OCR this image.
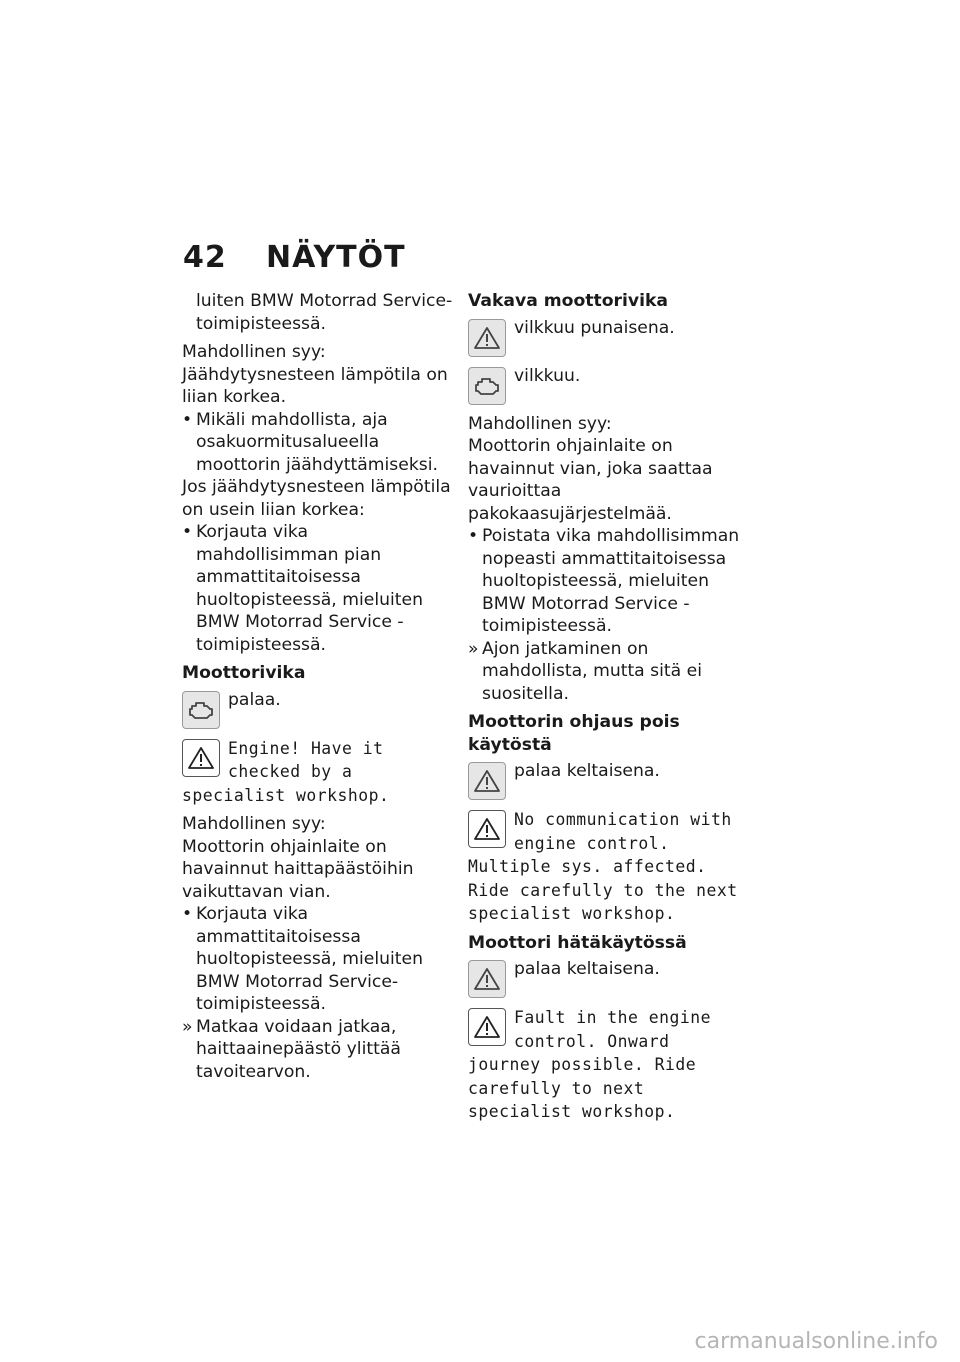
42 NÄYTÖT

luiten BMW Motorrad Service-toimipisteessä.

Mahdollinen syy:

Jäähdytysnesteen lämpötila on liian korkea.

• Mikäli mahdollista, aja osakuormitusalueella moottorin jäähdyttämiseksi.

Jos jäähdytysnesteen lämpötila on usein liian korkea:

• Korjauta vika mahdollisimman pian ammattitaitoisessa huoltopisteessä, mieluiten BMW Motorrad Service -toimipisteessä.

Moottorivika

palaa.
Engine! Have it checked by a specialist workshop.

Mahdollinen syy:

Moottorin ohjainlaite on havainnut haittapäästöihin vaikuttavan vian.

• Korjauta vika ammattitaitoisessa huoltopisteessä, mieluiten BMW Motorrad Service-toimipisteessä.

» Matkaa voidaan jatkaa, haittaainepäästö ylittää tavoitearvon.

Vakava moottorivika

vilkkuu punaisena.
vilkkuu.

Mahdollinen syy:

Moottorin ohjainlaite on havainnut vian, joka saattaa vaurioittaa pakokaasujärjestelmää.

• Poistata vika mahdollisimman nopeasti ammattitaitoisessa huoltopisteessä, mieluiten BMW Motorrad Service -toimipisteessä.

» Ajon jatkaminen on mahdollista, mutta sitä ei suositella.

Moottorin ohjaus pois käytöstä

palaa keltaisena.
No communication with engine control. Multiple sys. affected. Ride carefully to the next specialist workshop.

Moottori hätäkäytössä

palaa keltaisena.
Fault in the engine control. Onward journey possible. Ride carefully to next specialist workshop.
carmanualsonline.info
